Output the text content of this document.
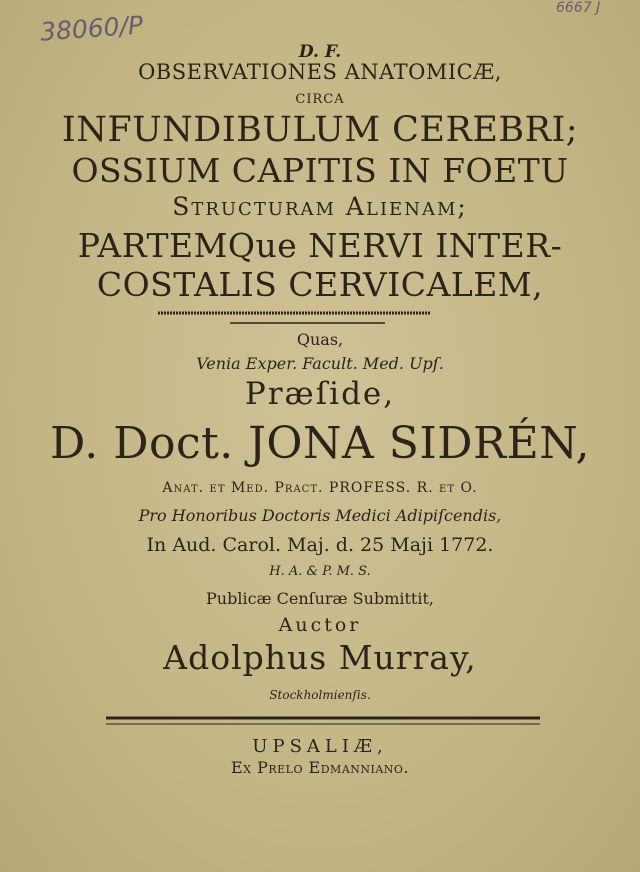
38060/P
6667 J
D. F.
OBSERVATIONES ANATOMICÆ,
CIRCA
INFUNDIBULUM CEREBRI;
OSSIUM CAPITIS IN FOETU
Structuram Alienam;
PARTEMQue NERVI INTER-
COSTALIS CERVICALEM,
Quas,
Venia Exper. Facult. Med. Upſ.
Præſide,
D. Doct. JONA SIDRÉN,
Anat. et Med. Pract. PROFESS. R. et O.
Pro Honoribus Doctoris Medici Adipiſcendis,
In Aud. Carol. Maj. d. 25 Maji 1772.
H. A. & P. M. S.
Publicæ Cenſuræ Submittit,
Auctor
Adolphus Murray,
Stockholmienſis.
UPSALIÆ,
Ex Prelo Edmanniano.
